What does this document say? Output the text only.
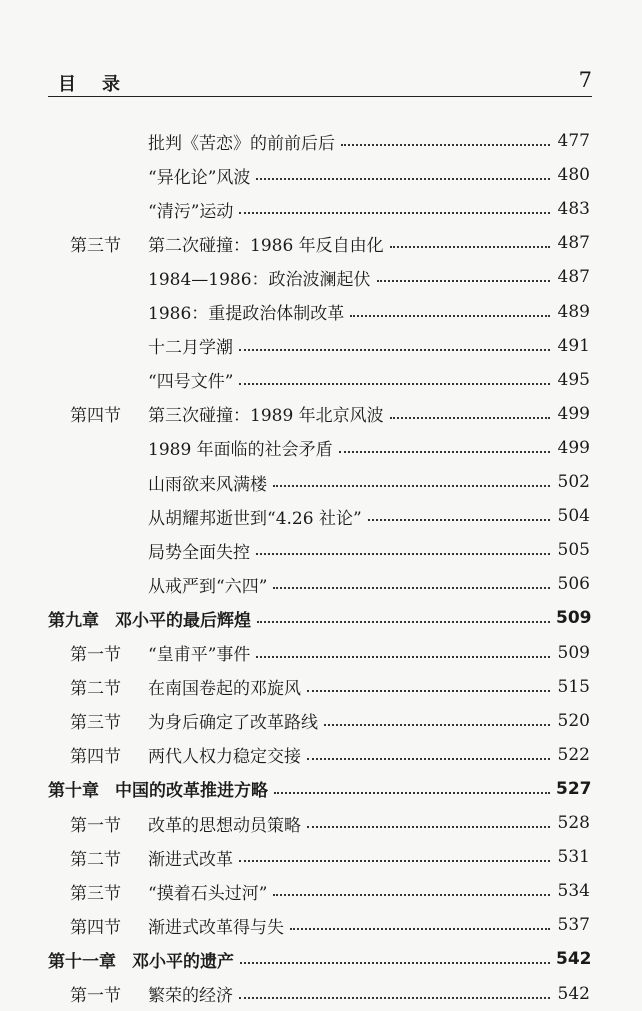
目录	7
批判《苦恋》的前前后后	477
“异化论”风波	480
“清污”运动	483
第三节	第二次碰撞：1986 年反自由化	487
1984—1986：政治波澜起伏	487
1986：重提政治体制改革	489
十二月学潮	491
“四号文件”	495
第四节	第三次碰撞：1989 年北京风波	499
1989 年面临的社会矛盾	499
山雨欲来风满楼	502
从胡耀邦逝世到“4.26 社论”	504
局势全面失控	505
从戒严到“六四”	506
第九章 邓小平的最后辉煌	509
第一节	“皇甫平”事件	509
第二节	在南国卷起的邓旋风	515
第三节	为身后确定了改革路线	520
第四节	两代人权力稳定交接	522
第十章 中国的改革推进方略	527
第一节	改革的思想动员策略	528
第二节	渐进式改革	531
第三节	“摸着石头过河”	534
第四节	渐进式改革得与失	537
第十一章 邓小平的遗产	542
第一节	繁荣的经济	542
